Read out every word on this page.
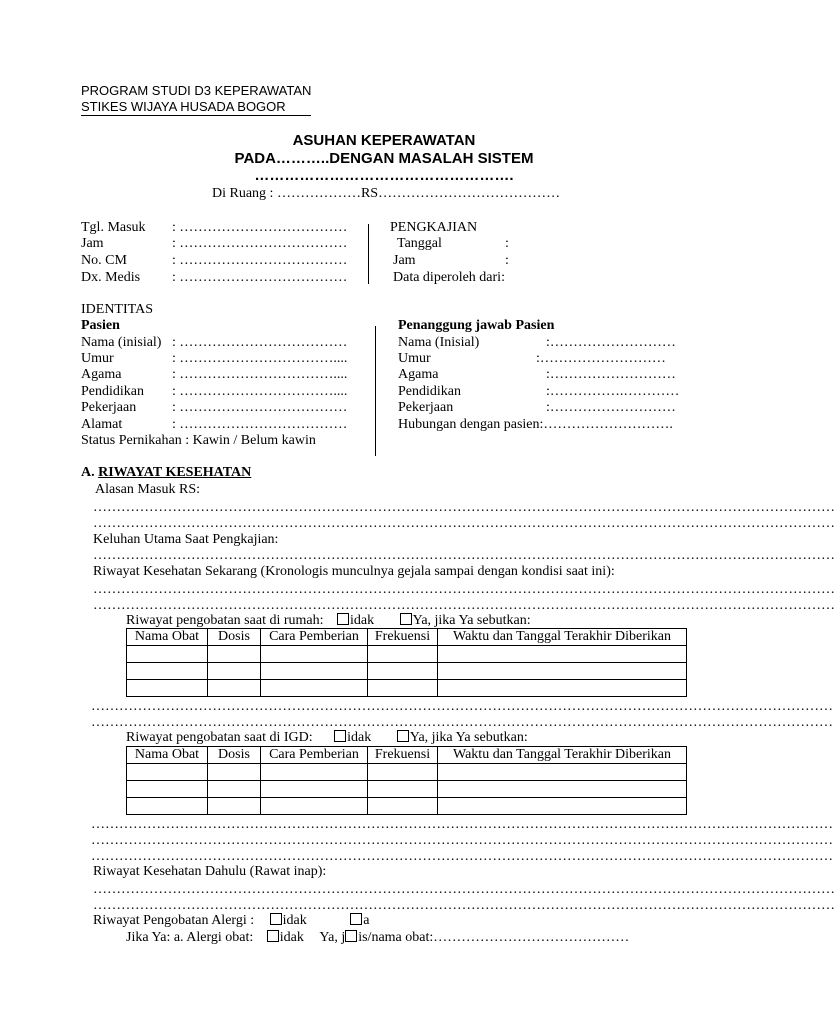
PROGRAM STUDI D3 KEPERAWATAN
STIKES WIJAYA HUSADA BOGOR
ASUHAN KEPERAWATAN
PADA………..DENGAN MASALAH SISTEM
…………………………………………….
Di Ruang : ………………RS…………………………………
Tgl. Masuk : ………………………………
Jam	: ………………………………
No. CM	: ………………………………
Dx. Medis : ………………………………
PENGKAJIAN
Tanggal	:
Jam	:
Data diperoleh dari:
IDENTITAS
Pasien
Nama (inisial) : ………………………………
Umur	: ……………………………....
Agama	: ……………………………....
Pendidikan : ……………………………....
Pekerjaan	: ………………………………
Alamat	: ………………………………
Status Pernikahan : Kawin / Belum kawin
Penanggung jawab Pasien
Nama (Inisial)	:………………………
Umur	:………………………
Agama	:………………………
Pendidikan	:…………….…………
Pekerjaan	:………………………
Hubungan dengan pasien:……………………….
A. RIWAYAT KESEHATAN
Alasan Masuk RS:
……………………………………………………………………………………………………………………………………………
……………………………………………………………………………………………………………………………………………
Keluhan Utama Saat Pengkajian:
……………………………………………………………………………………………………………………………………………
Riwayat Kesehatan Sekarang (Kronologis munculnya gejala sampai dengan kondisi saat ini):
……………………………………………………………………………………………………………………………………………
……………………………………………………………………………………………………………………………………………
Riwayat pengobatan saat di rumah: idak	Ya, jika Ya sebutkan:
Nama Obat	Dosis	Cara Pemberian	Frekuensi	Waktu dan Tanggal Terakhir Diberikan

……………………………………………………………………………………………………………………………………………
……………………………………………………………………………………………………………………………………………
Riwayat pengobatan saat di IGD: idak	Ya, jika Ya sebutkan:
Nama Obat	Dosis	Cara Pemberian	Frekuensi	Waktu dan Tanggal Terakhir Diberikan

……………………………………………………………………………………………………………………………………………
……………………………………………………………………………………………………………………………………………
……………………………………………………………………………………………………………………………………………
Riwayat Kesehatan Dahulu (Rawat inap):
……………………………………………………………………………………………………………………………………………
……………………………………………………………………………………………………………………………………………
Riwayat Pengobatan Alergi : idak	a
Jika Ya: a. Alergi obat: idak Ya, j is/nama obat:……………………………………
